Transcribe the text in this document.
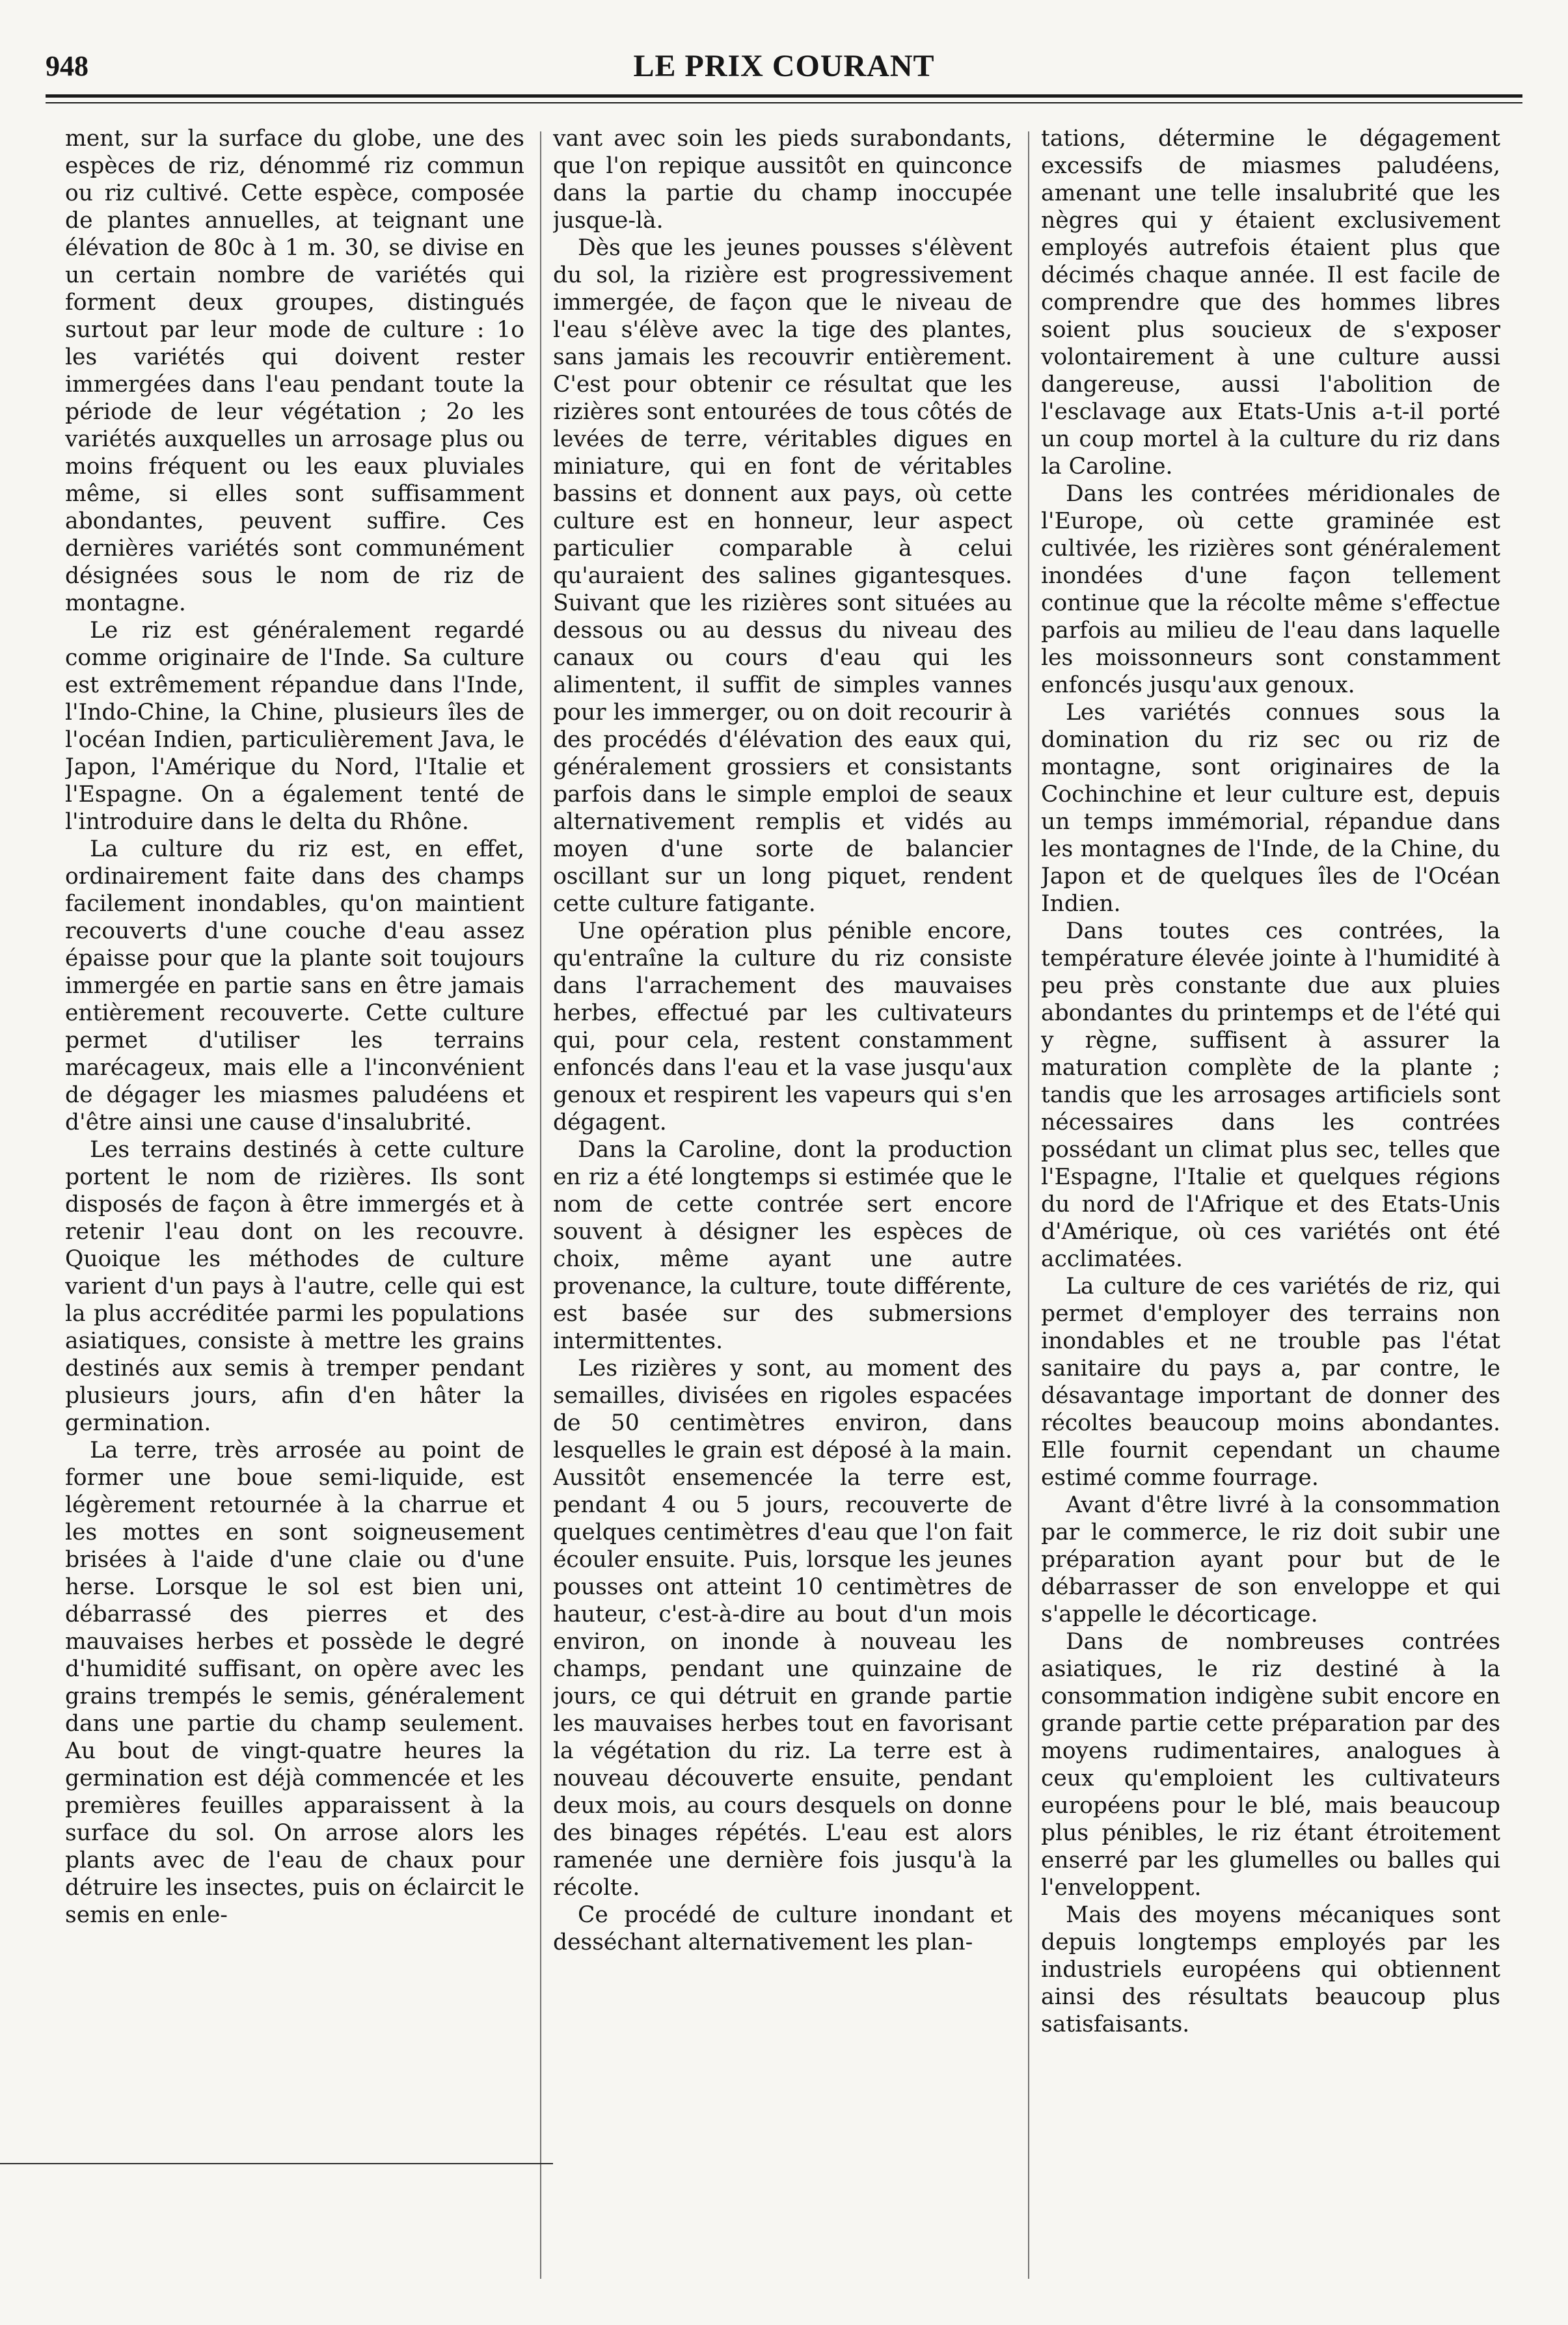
948	LE PRIX COURANT

ment, sur la surface du globe, une des espèces de riz, dénommé riz commun ou riz cultivé. Cette espèce, composée de plantes annuelles, at teignant une élévation de 80c à 1 m. 30, se divise en un certain nombre de variétés qui forment deux groupes, distingués surtout par leur mode de culture : 1o les variétés qui doivent rester immergées dans l'eau pendant toute la période de leur végétation ; 2o les variétés auxquelles un arrosage plus ou moins fréquent ou les eaux pluviales même, si elles sont suffisamment abondantes, peuvent suffire. Ces dernières variétés sont communément désignées sous le nom de riz de montagne.

Le riz est généralement regardé comme originaire de l'Inde. Sa culture est extrêmement répandue dans l'Inde, l'Indo-Chine, la Chine, plusieurs îles de l'océan Indien, particulièrement Java, le Japon, l'Amérique du Nord, l'Italie et l'Espagne. On a également tenté de l'introduire dans le delta du Rhône.

La culture du riz est, en effet, ordinairement faite dans des champs facilement inondables, qu'on maintient recouverts d'une couche d'eau assez épaisse pour que la plante soit toujours immergée en partie sans en être jamais entièrement recouverte. Cette culture permet d'utiliser les terrains marécageux, mais elle a l'inconvénient de dégager les miasmes paludéens et d'être ainsi une cause d'insalubrité.

Les terrains destinés à cette culture portent le nom de rizières. Ils sont disposés de façon à être immergés et à retenir l'eau dont on les recouvre. Quoique les méthodes de culture varient d'un pays à l'autre, celle qui est la plus accréditée parmi les populations asiatiques, consiste à mettre les grains destinés aux semis à tremper pendant plusieurs jours, afin d'en hâter la germination.

La terre, très arrosée au point de former une boue semi-liquide, est légèrement retournée à la charrue et les mottes en sont soigneusement brisées à l'aide d'une claie ou d'une herse. Lorsque le sol est bien uni, débarrassé des pierres et des mauvaises herbes et possède le degré d'humidité suffisant, on opère avec les grains trempés le semis, généralement dans une partie du champ seulement. Au bout de vingt-quatre heures la germination est déjà commencée et les premières feuilles apparaissent à la surface du sol. On arrose alors les plants avec de l'eau de chaux pour détruire les insectes, puis on éclaircit le semis en enle-

vant avec soin les pieds surabondants, que l'on repique aussitôt en quinconce dans la partie du champ inoccupée jusque-là.

Dès que les jeunes pousses s'élèvent du sol, la rizière est progressivement immergée, de façon que le niveau de l'eau s'élève avec la tige des plantes, sans jamais les recouvrir entièrement. C'est pour obtenir ce résultat que les rizières sont entourées de tous côtés de levées de terre, véritables digues en miniature, qui en font de véritables bassins et donnent aux pays, où cette culture est en honneur, leur aspect particulier comparable à celui qu'auraient des salines gigantesques. Suivant que les rizières sont situées au dessous ou au dessus du niveau des canaux ou cours d'eau qui les alimentent, il suffit de simples vannes pour les immerger, ou on doit recourir à des procédés d'élévation des eaux qui, généralement grossiers et consistants parfois dans le simple emploi de seaux alternativement remplis et vidés au moyen d'une sorte de balancier oscillant sur un long piquet, rendent cette culture fatigante.

Une opération plus pénible encore, qu'entraîne la culture du riz consiste dans l'arrachement des mauvaises herbes, effectué par les cultivateurs qui, pour cela, restent constamment enfoncés dans l'eau et la vase jusqu'aux genoux et respirent les vapeurs qui s'en dégagent.

Dans la Caroline, dont la production en riz a été longtemps si estimée que le nom de cette contrée sert encore souvent à désigner les espèces de choix, même ayant une autre provenance, la culture, toute différente, est basée sur des submersions intermittentes.

Les rizières y sont, au moment des semailles, divisées en rigoles espacées de 50 centimètres environ, dans lesquelles le grain est déposé à la main. Aussitôt ensemencée la terre est, pendant 4 ou 5 jours, recouverte de quelques centimètres d'eau que l'on fait écouler ensuite. Puis, lorsque les jeunes pousses ont atteint 10 centimètres de hauteur, c'est-à-dire au bout d'un mois environ, on inonde à nouveau les champs, pendant une quinzaine de jours, ce qui détruit en grande partie les mauvaises herbes tout en favorisant la végétation du riz. La terre est à nouveau découverte ensuite, pendant deux mois, au cours desquels on donne des binages répétés. L'eau est alors ramenée une dernière fois jusqu'à la récolte.

Ce procédé de culture inondant et desséchant alternativement les plan-

tations, détermine le dégagement excessifs de miasmes paludéens, amenant une telle insalubrité que les nègres qui y étaient exclusivement employés autrefois étaient plus que décimés chaque année. Il est facile de comprendre que des hommes libres soient plus soucieux de s'exposer volontairement à une culture aussi dangereuse, aussi l'abolition de l'esclavage aux Etats-Unis a-t-il porté un coup mortel à la culture du riz dans la Caroline.

Dans les contrées méridionales de l'Europe, où cette graminée est cultivée, les rizières sont généralement inondées d'une façon tellement continue que la récolte même s'effectue parfois au milieu de l'eau dans laquelle les moissonneurs sont constamment enfoncés jusqu'aux genoux.

Les variétés connues sous la domination du riz sec ou riz de montagne, sont originaires de la Cochinchine et leur culture est, depuis un temps immémorial, répandue dans les montagnes de l'Inde, de la Chine, du Japon et de quelques îles de l'Océan Indien.

Dans toutes ces contrées, la température élevée jointe à l'humidité à peu près constante due aux pluies abondantes du printemps et de l'été qui y règne, suffisent à assurer la maturation complète de la plante ; tandis que les arrosages artificiels sont nécessaires dans les contrées possédant un climat plus sec, telles que l'Espagne, l'Italie et quelques régions du nord de l'Afrique et des Etats-Unis d'Amérique, où ces variétés ont été acclimatées.

La culture de ces variétés de riz, qui permet d'employer des terrains non inondables et ne trouble pas l'état sanitaire du pays a, par contre, le désavantage important de donner des récoltes beaucoup moins abondantes. Elle fournit cependant un chaume estimé comme fourrage.

Avant d'être livré à la consommation par le commerce, le riz doit subir une préparation ayant pour but de le débarrasser de son enveloppe et qui s'appelle le décorticage.

Dans de nombreuses contrées asiatiques, le riz destiné à la consommation indigène subit encore en grande partie cette préparation par des moyens rudimentaires, analogues à ceux qu'emploient les cultivateurs européens pour le blé, mais beaucoup plus pénibles, le riz étant étroitement enserré par les glumelles ou balles qui l'enveloppent.

Mais des moyens mécaniques sont depuis longtemps employés par les industriels européens qui obtiennent ainsi des résultats beaucoup plus satisfaisants.
